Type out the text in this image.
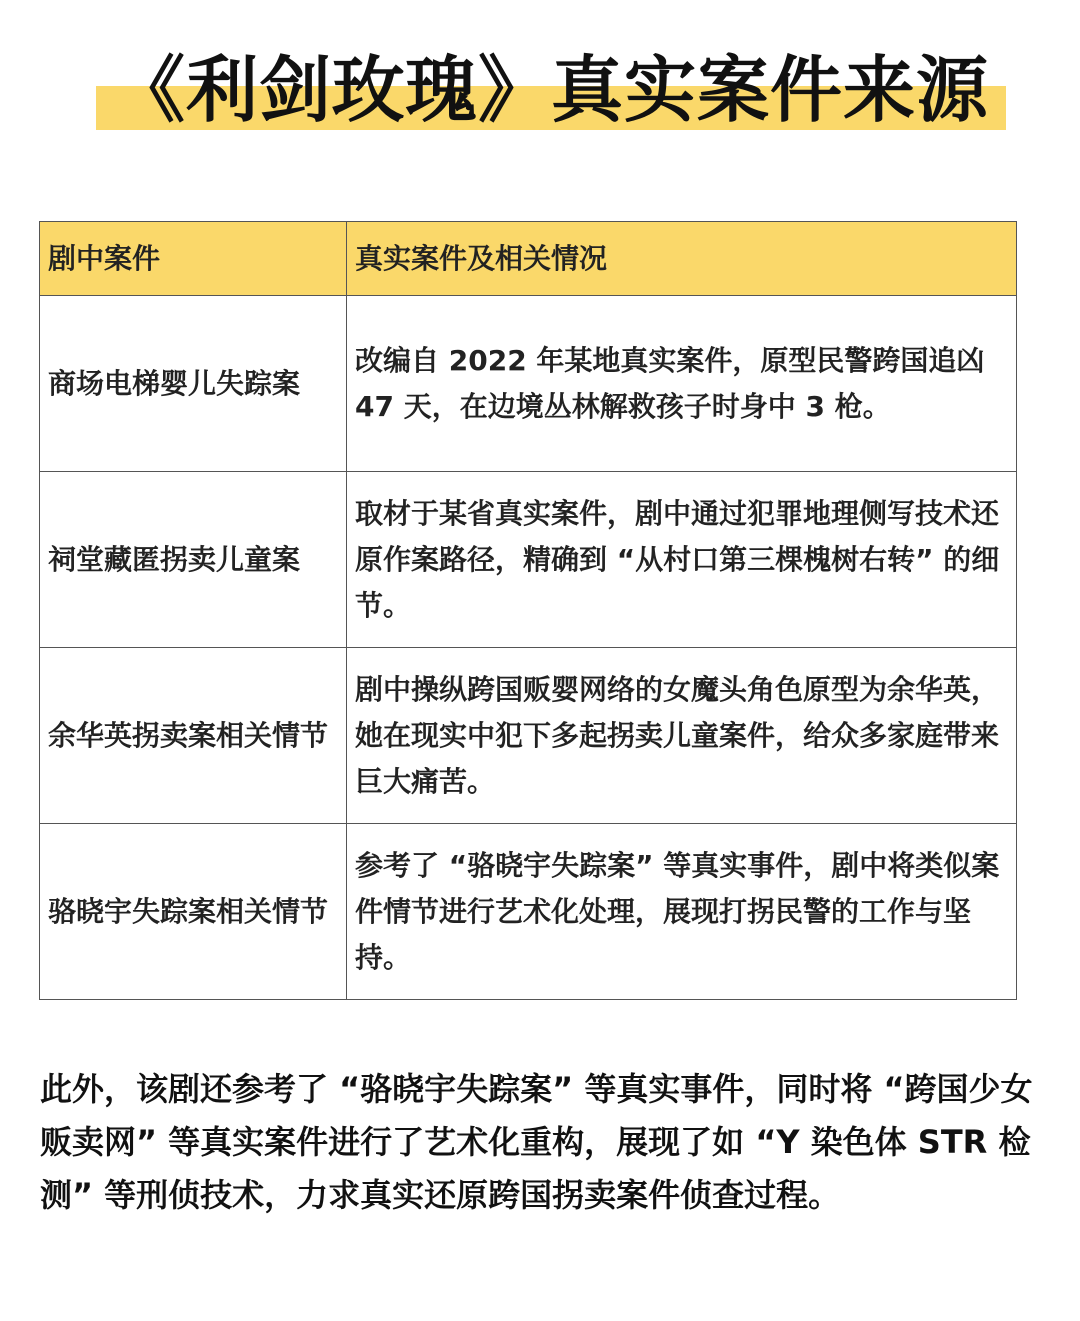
《利剑玫瑰》真实案件来源
剧中案件	真实案件及相关情况
商场电梯婴儿失踪案	改编自 2022 年某地真实案件，原型民警跨国追凶 47 天，在边境丛林解救孩子时身中 3 枪。
祠堂藏匿拐卖儿童案	取材于某省真实案件，剧中通过犯罪地理侧写技术还原作案路径，精确到 “从村口第三棵槐树右转” 的细节。
余华英拐卖案相关情节	剧中操纵跨国贩婴网络的女魔头角色原型为余华英，她在现实中犯下多起拐卖儿童案件，给众多家庭带来巨大痛苦。
骆晓宇失踪案相关情节	参考了 “骆晓宇失踪案” 等真实事件，剧中将类似案件情节进行艺术化处理，展现打拐民警的工作与坚持。

此外，该剧还参考了 “骆晓宇失踪案” 等真实事件，同时将 “跨国少女贩卖网” 等真实案件进行了艺术化重构，展现了如 “Y 染色体 STR 检测” 等刑侦技术，力求真实还原跨国拐卖案件侦查过程。
